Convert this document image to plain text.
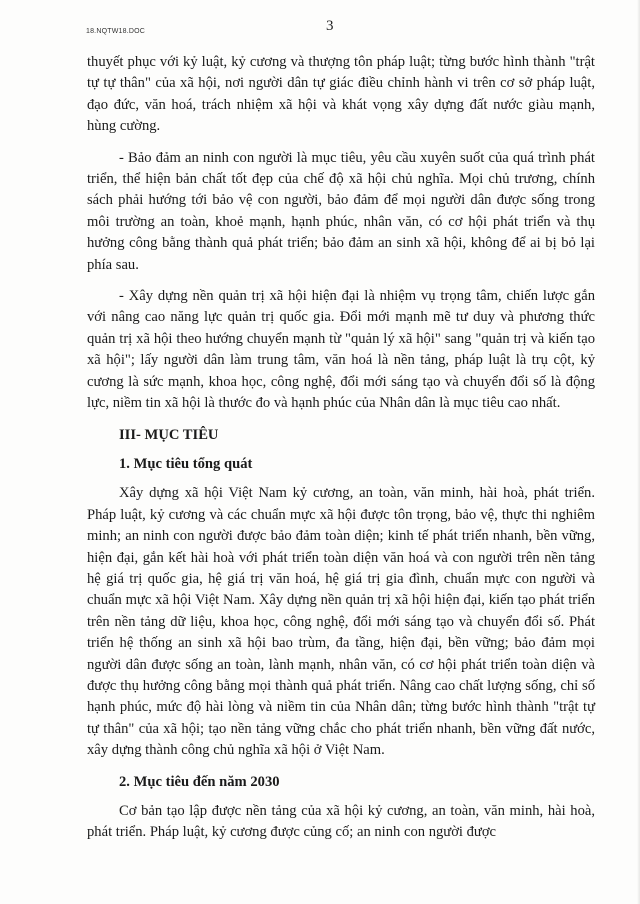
18.NQTW18.DOC	3

thuyết phục với kỷ luật, kỷ cương và thượng tôn pháp luật; từng bước hình thành "trật tự tự thân" của xã hội, nơi người dân tự giác điều chỉnh hành vi trên cơ sở pháp luật, đạo đức, văn hoá, trách nhiệm xã hội và khát vọng xây dựng đất nước giàu mạnh, hùng cường.

- Bảo đảm an ninh con người là mục tiêu, yêu cầu xuyên suốt của quá trình phát triển, thể hiện bản chất tốt đẹp của chế độ xã hội chủ nghĩa. Mọi chủ trương, chính sách phải hướng tới bảo vệ con người, bảo đảm để mọi người dân được sống trong môi trường an toàn, khoẻ mạnh, hạnh phúc, nhân văn, có cơ hội phát triển và thụ hưởng công bằng thành quả phát triển; bảo đảm an sinh xã hội, không để ai bị bỏ lại phía sau.

- Xây dựng nền quản trị xã hội hiện đại là nhiệm vụ trọng tâm, chiến lược gắn với nâng cao năng lực quản trị quốc gia. Đổi mới mạnh mẽ tư duy và phương thức quản trị xã hội theo hướng chuyển mạnh từ "quản lý xã hội" sang "quản trị và kiến tạo xã hội"; lấy người dân làm trung tâm, văn hoá là nền tảng, pháp luật là trụ cột, kỷ cương là sức mạnh, khoa học, công nghệ, đổi mới sáng tạo và chuyển đổi số là động lực, niềm tin xã hội là thước đo và hạnh phúc của Nhân dân là mục tiêu cao nhất.

III- MỤC TIÊU
1. Mục tiêu tổng quát

Xây dựng xã hội Việt Nam kỷ cương, an toàn, văn minh, hài hoà, phát triển. Pháp luật, kỷ cương và các chuẩn mực xã hội được tôn trọng, bảo vệ, thực thi nghiêm minh; an ninh con người được bảo đảm toàn diện; kinh tế phát triển nhanh, bền vững, hiện đại, gắn kết hài hoà với phát triển toàn diện văn hoá và con người trên nền tảng hệ giá trị quốc gia, hệ giá trị văn hoá, hệ giá trị gia đình, chuẩn mực con người và chuẩn mực xã hội Việt Nam. Xây dựng nền quản trị xã hội hiện đại, kiến tạo phát triển trên nền tảng dữ liệu, khoa học, công nghệ, đổi mới sáng tạo và chuyển đổi số. Phát triển hệ thống an sinh xã hội bao trùm, đa tầng, hiện đại, bền vững; bảo đảm mọi người dân được sống an toàn, lành mạnh, nhân văn, có cơ hội phát triển toàn diện và được thụ hưởng công bằng mọi thành quả phát triển. Nâng cao chất lượng sống, chỉ số hạnh phúc, mức độ hài lòng và niềm tin của Nhân dân; từng bước hình thành "trật tự tự thân" của xã hội; tạo nền tảng vững chắc cho phát triển nhanh, bền vững đất nước, xây dựng thành công chủ nghĩa xã hội ở Việt Nam.

2. Mục tiêu đến năm 2030

Cơ bản tạo lập được nền tảng của xã hội kỷ cương, an toàn, văn minh, hài hoà, phát triển. Pháp luật, kỷ cương được củng cố; an ninh con người được
